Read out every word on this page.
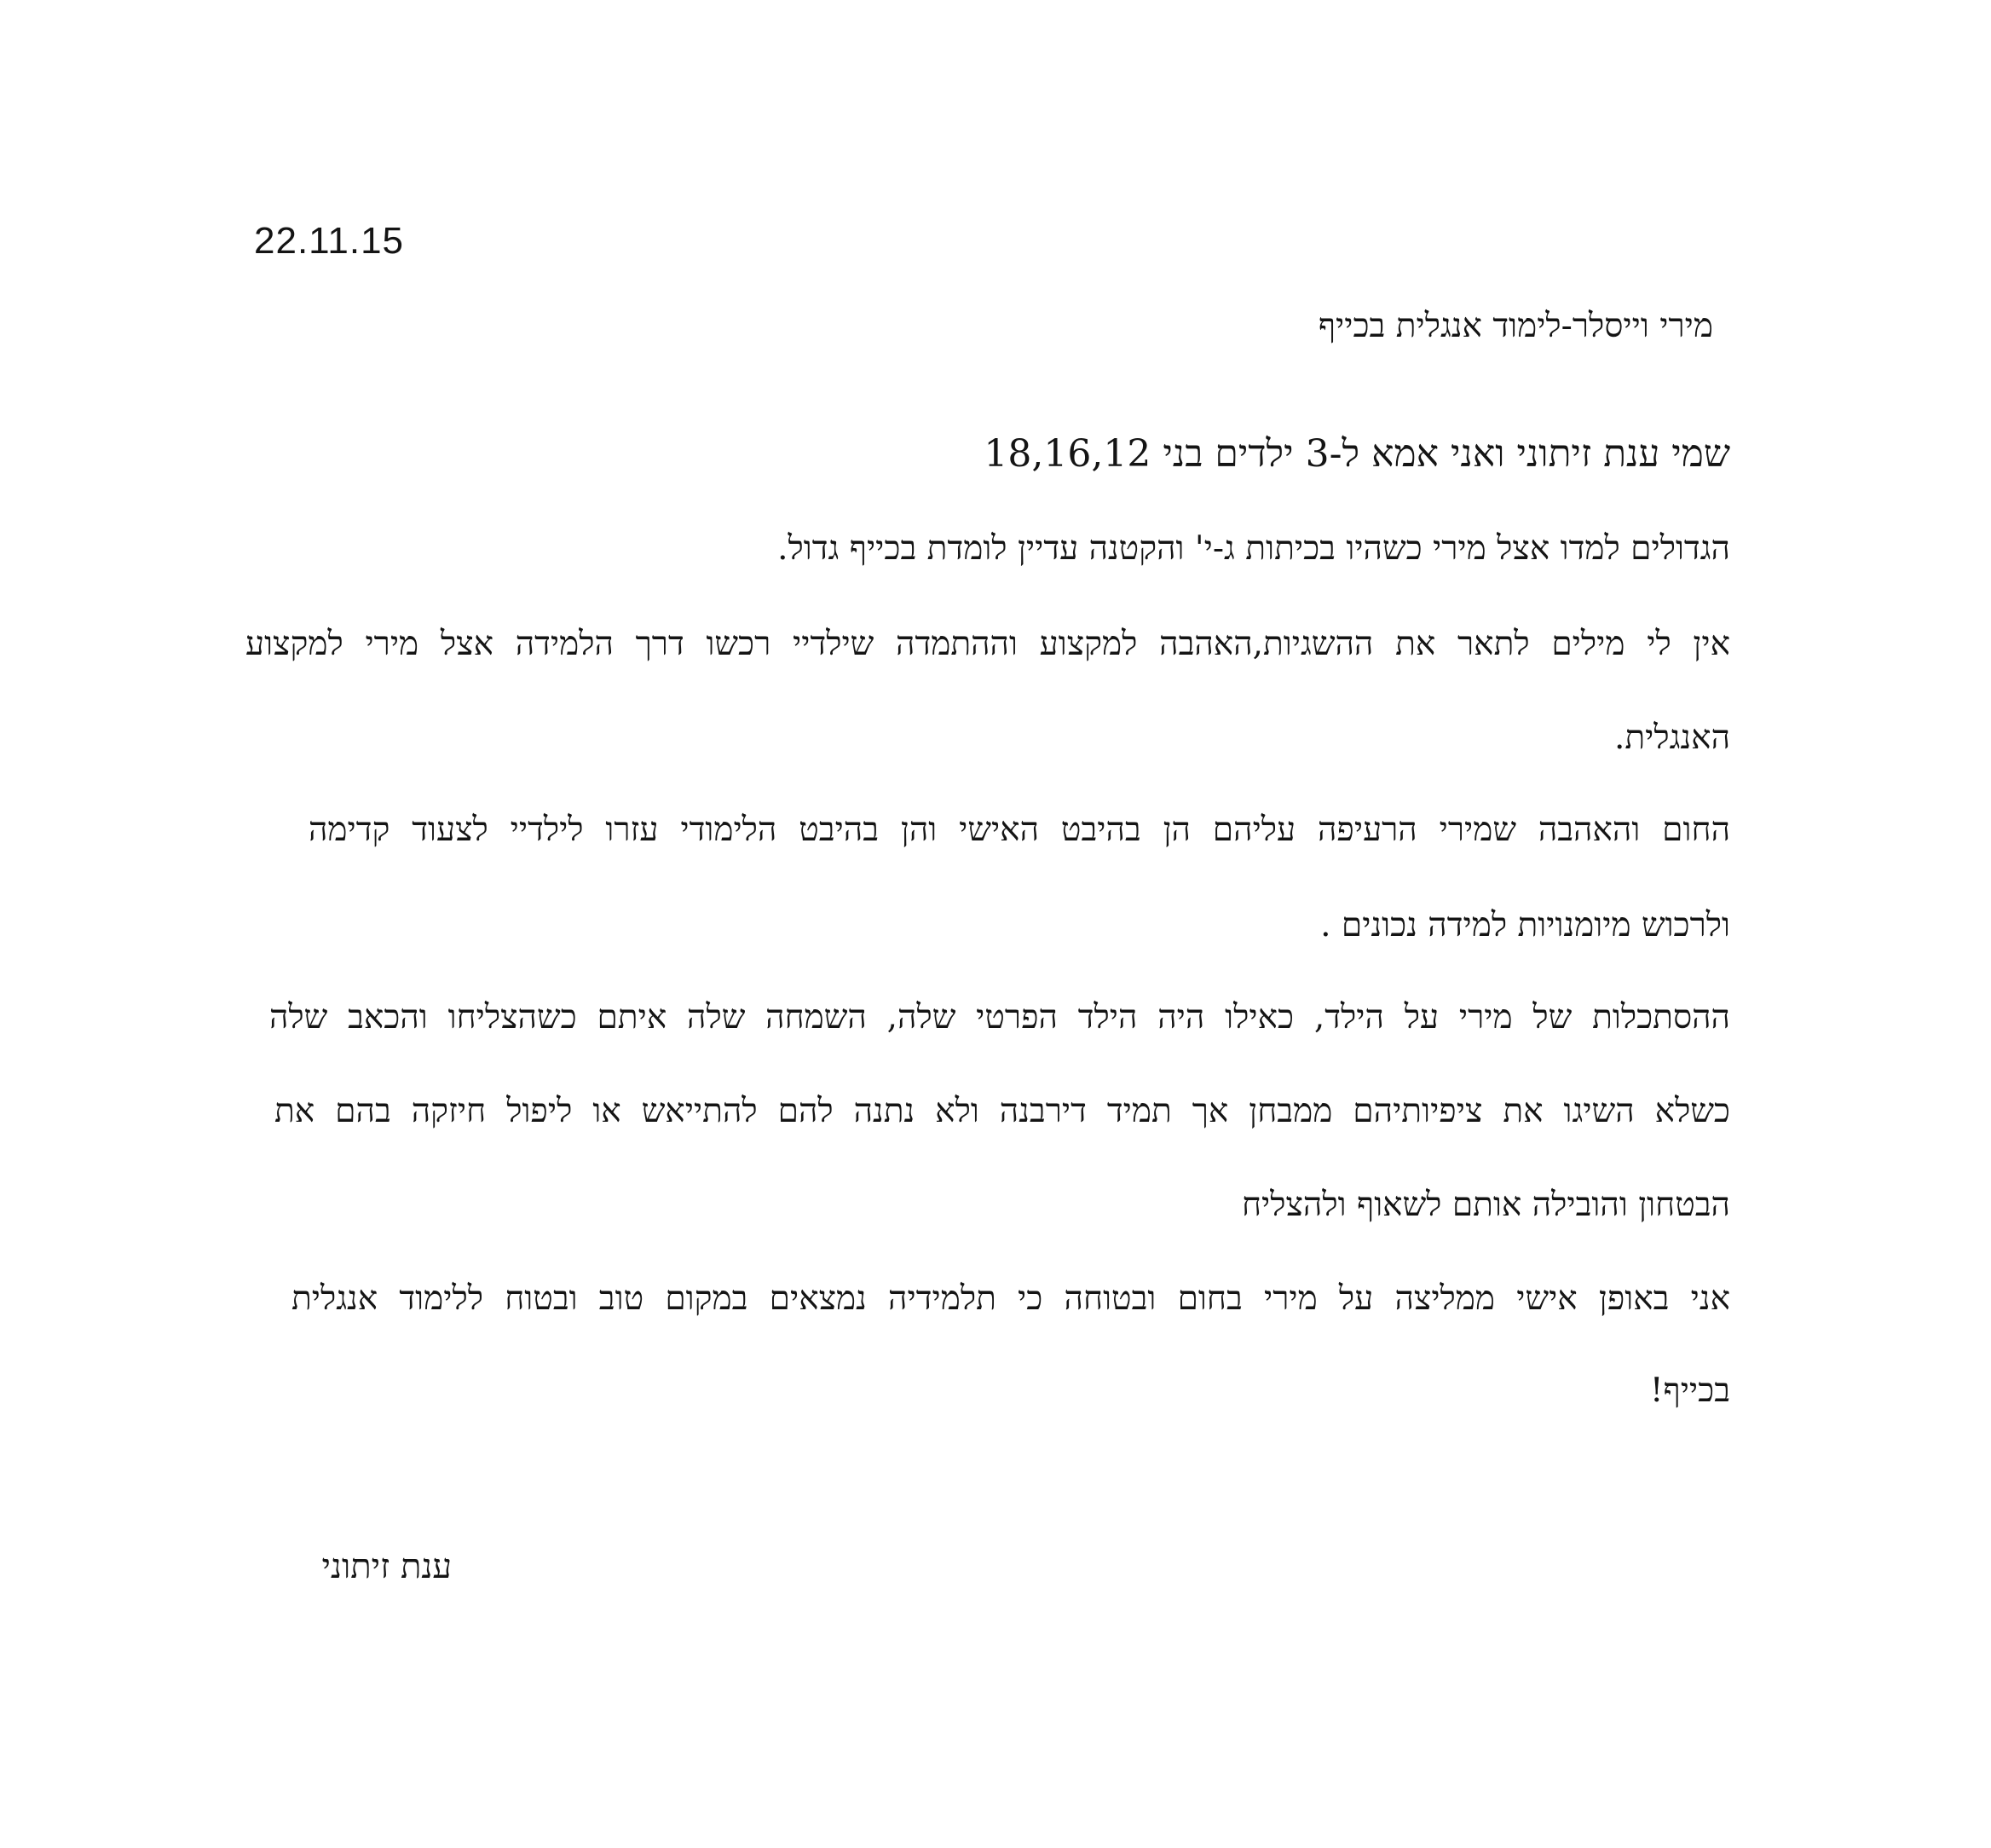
22.11.15
מירי וייסלר-לימוד אנגלית בכייף
שמי ענת זיתוני ואני אמא ל-3 ילדים בני 18,16,12
הגדולים למדו אצל מירי כשהיו בכיתות ג-י' והקטנה עדיין לומדת בכייף גדול.
אין לי מילים לתאר את ההשגיות,האהבה למקצוע וההתמדה שילדיי רכשו דרך הלמידה אצל מירי למקצוע
האנגלית.
החום והאהבה שמירי הרעיפה עליהם הן בהיבט האישי והן בהיבט הלימודי עזרו לילדיי לצעוד קדימה
ולרכוש מיומנויות למידה נכונים .
ההסתכלות של מירי על הילד, כאילו היה הילד הפרטי שלה, השמחה שלה איתם כשהצליחו והכאב שלה
כשלא השיגו את ציפיותיהם ממבחן אך תמיד דירבנה ולא נתנה להם להתייאש או ליפול חיזקה בהם את
הבטחון והובילה אותם לשאוף ולהצליח
אני באופן אישי ממליצה על מירי בחום ובטוחה כי תלמידיה נמצאים במקום טוב ובטוח ללימוד אנגלית
בכייף!
ענת זיתוני
